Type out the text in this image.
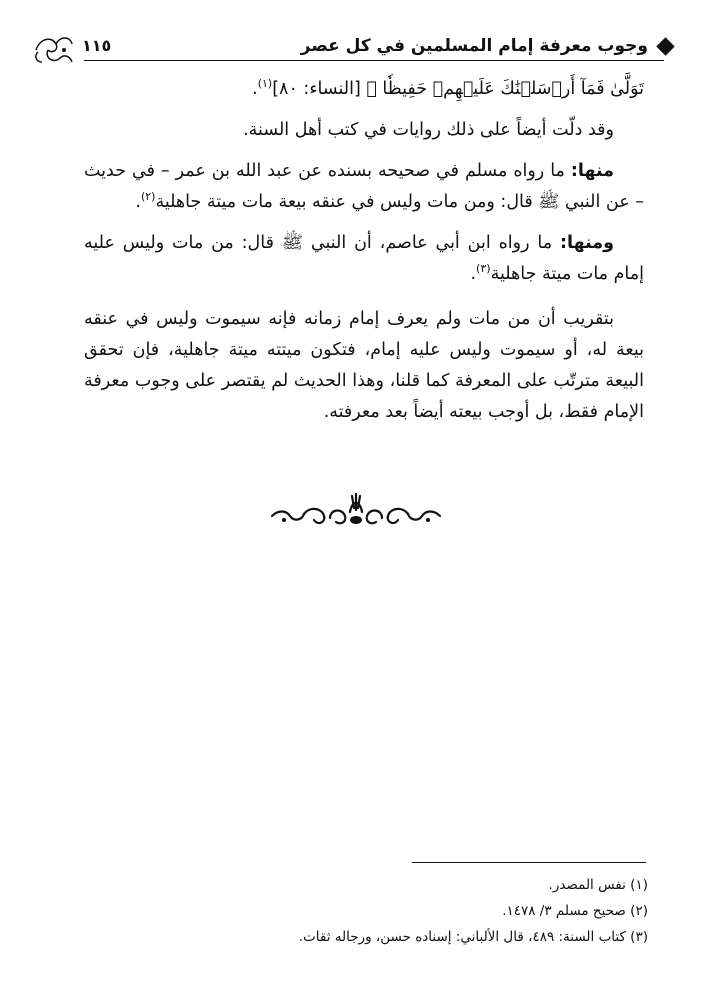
١١٥	وجوب معرفة إمام المسلمين في كل عصر

تَوَلَّىٰ فَمَآ أَرۡسَلۡنَٰكَ عَلَيۡهِمۡ حَفِيظٗا ﴾ [النساء: ٨٠]$^{(١)}$.

وقد دلّت أيضاً على ذلك روايات في كتب أهل السنة.

منها: ما رواه مسلم في صحيحه بسنده عن عبد الله بن عمر – في حديث – عن النبي ﷺ قال: ومن مات وليس في عنقه بيعة مات ميتة جاهلية$^{(٢)}$.

ومنها: ما رواه ابن أبي عاصم، أن النبي ﷺ قال: من مات وليس عليه إمام مات ميتة جاهلية$^{(٣)}$.

بتقريب أن من مات ولم يعرف إمام زمانه فإنه سيموت وليس في عنقه بيعة له، أو سيموت وليس عليه إمام، فتكون ميتته ميتة جاهلية، فإن تحقق البيعة مترتّب على المعرفة كما قلنا، وهذا الحديث لم يقتصر على وجوب معرفة الإمام فقط، بل أوجب بيعته أيضاً بعد معرفته.

(١) نفس المصدر.
(٢) صحيح مسلم ٣/ ١٤٧٨.
(٣) كتاب السنة: ٤٨٩، قال الألباني: إسناده حسن، ورجاله ثقات.
